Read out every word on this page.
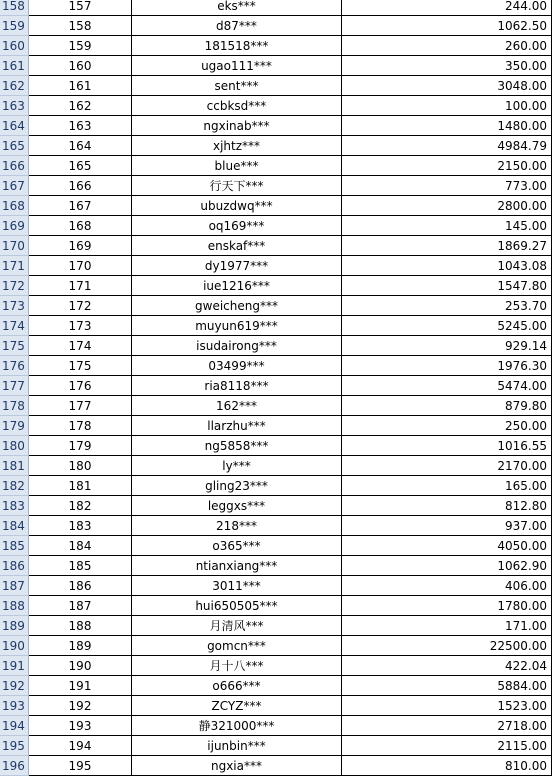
158	157	eks***	244.00
159	158	d87***	1062.50
160	159	181518***	260.00
161	160	ugao111***	350.00
162	161	sent***	3048.00
163	162	ccbksd***	100.00
164	163	ngxinab***	1480.00
165	164	xjhtz***	4984.79
166	165	blue***	2150.00
167	166	行天下***	773.00
168	167	ubuzdwq***	2800.00
169	168	oq169***	145.00
170	169	enskaf***	1869.27
171	170	dy1977***	1043.08
172	171	iue1216***	1547.80
173	172	gweicheng***	253.70
174	173	muyun619***	5245.00
175	174	isudairong***	929.14
176	175	03499***	1976.30
177	176	ria8118***	5474.00
178	177	162***	879.80
179	178	llarzhu***	250.00
180	179	ng5858***	1016.55
181	180	ly***	2170.00
182	181	gling23***	165.00
183	182	leggxs***	812.80
184	183	218***	937.00
185	184	o365***	4050.00
186	185	ntianxiang***	1062.90
187	186	3011***	406.00
188	187	hui650505***	1780.00
189	188	月清风***	171.00
190	189	gomcn***	22500.00
191	190	月十八***	422.04
192	191	o666***	5884.00
193	192	ZCYZ***	1523.00
194	193	静321000***	2718.00
195	194	ijunbin***	2115.00
196	195	ngxia***	810.00
